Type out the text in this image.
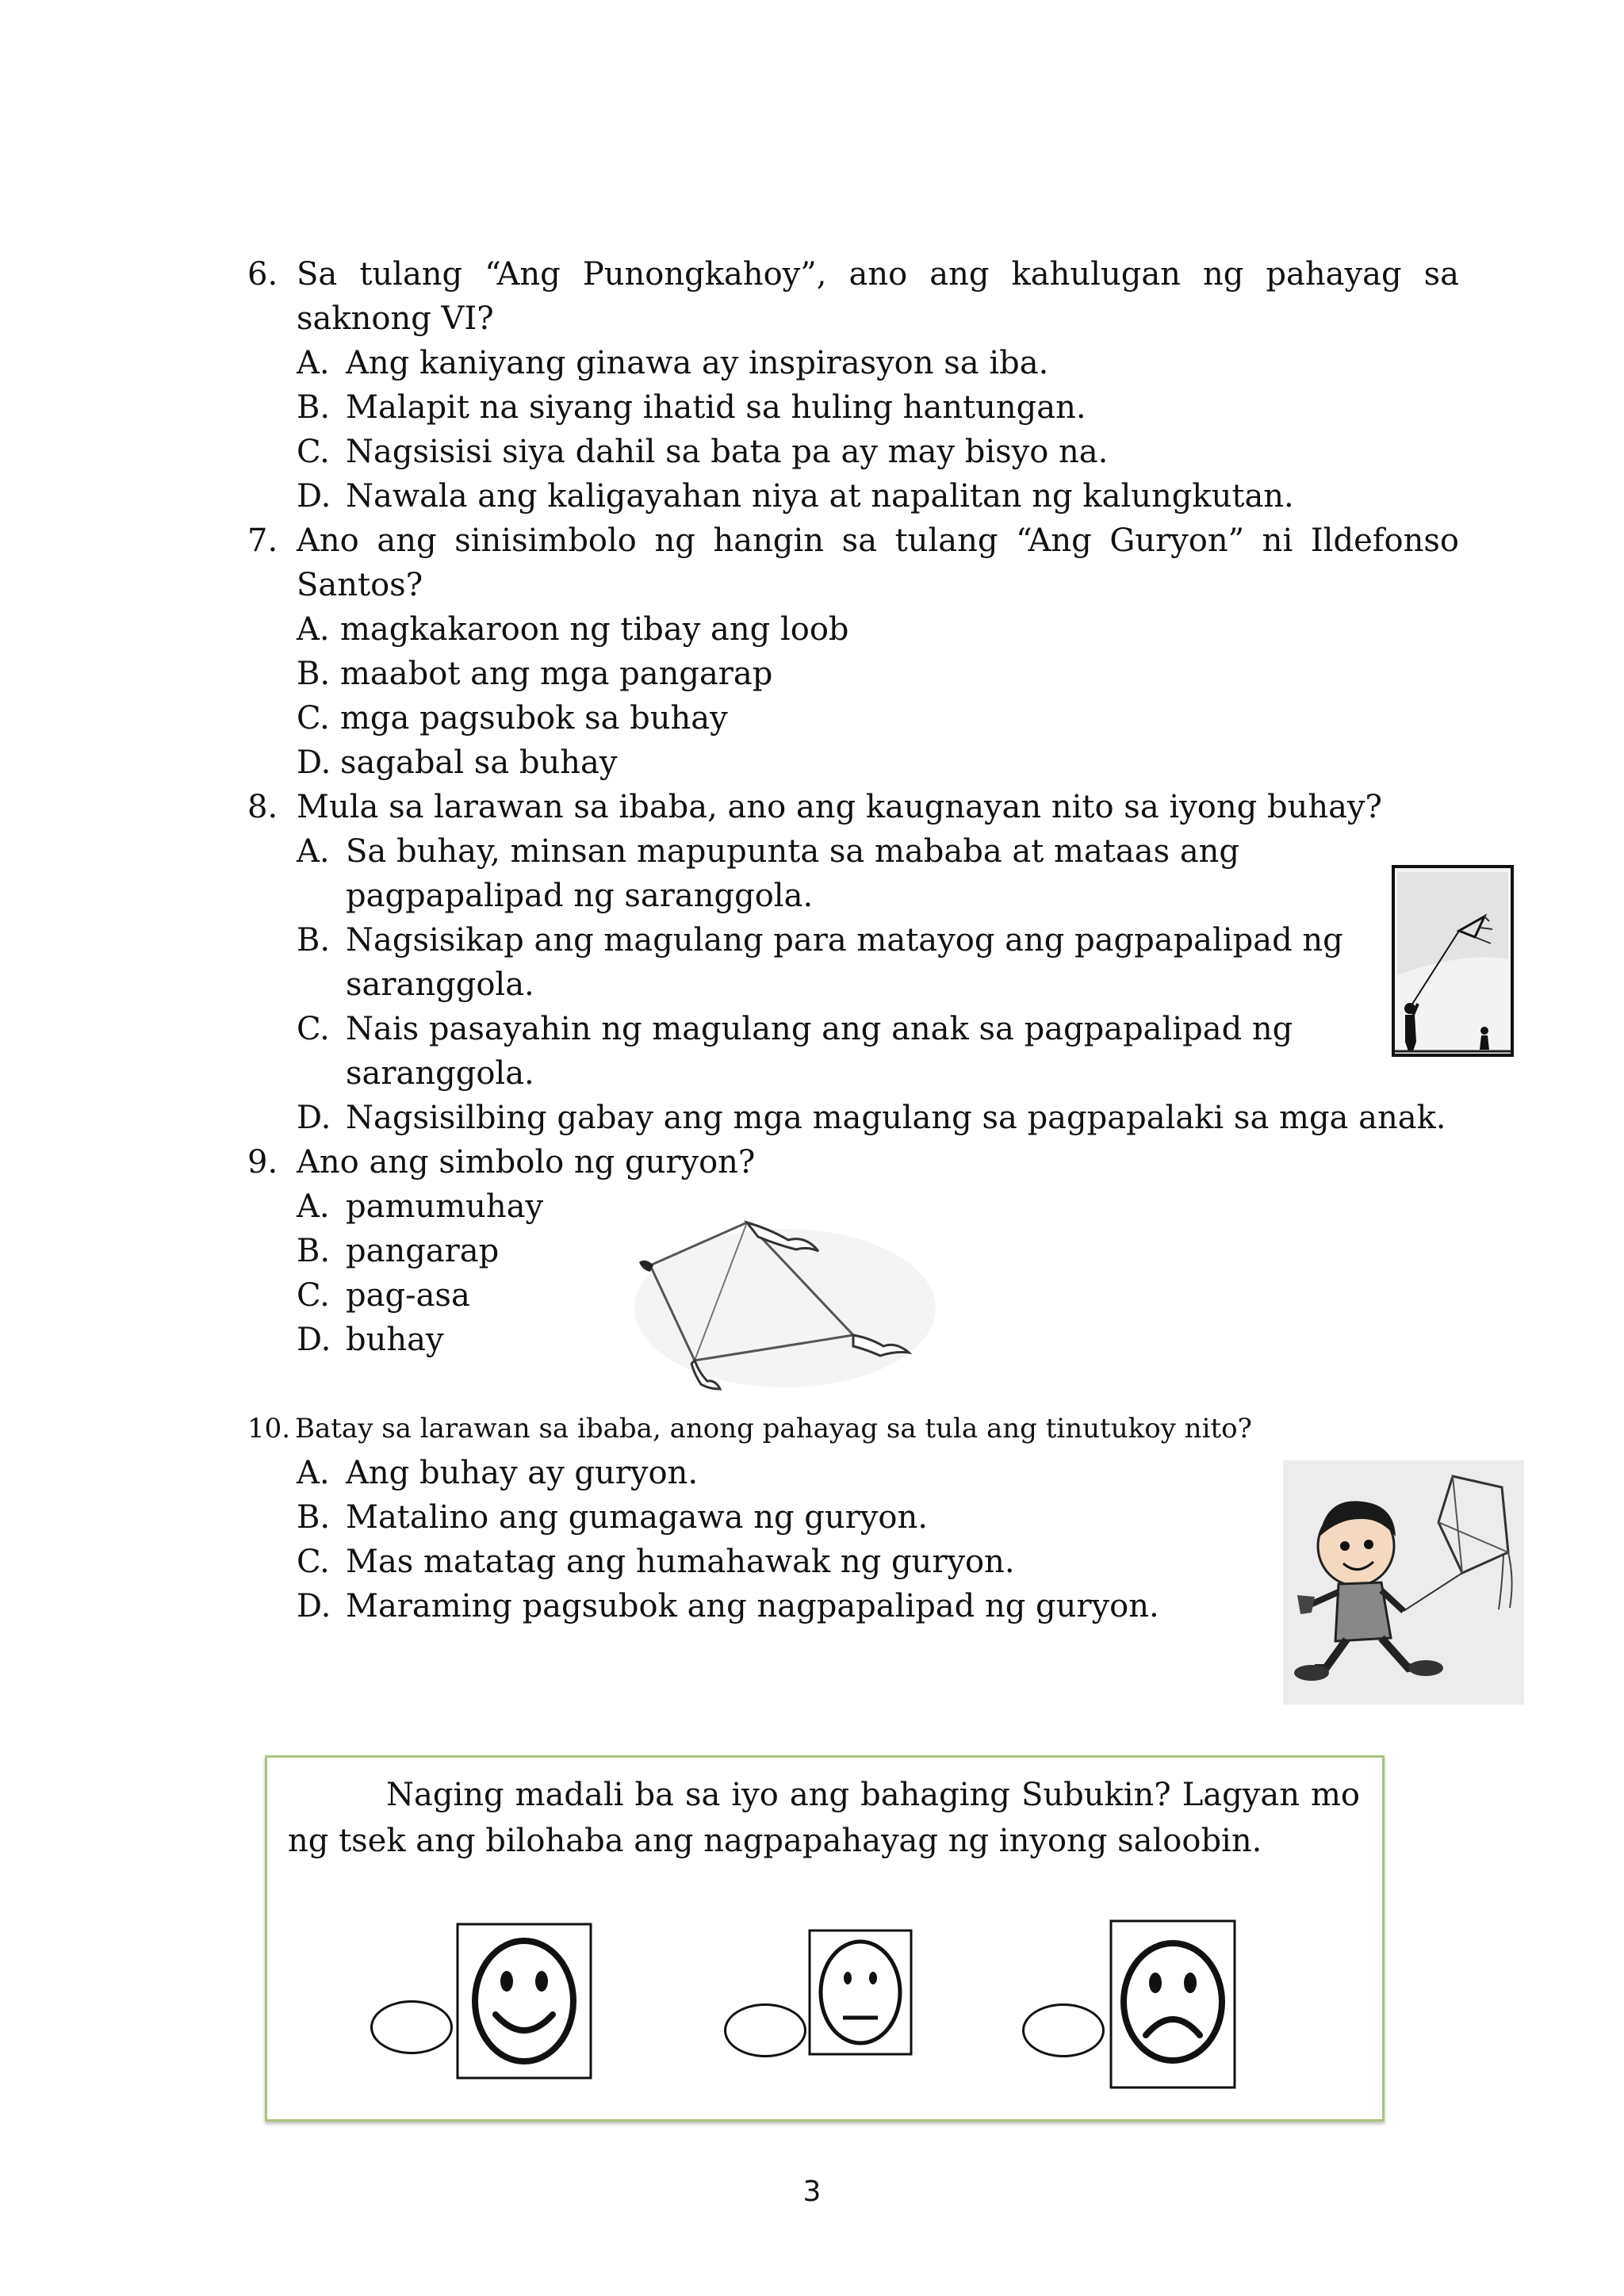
6. Sa tulang “Ang Punongkahoy”, ano ang kahulugan ng pahayag sa saknong VI?
A. Ang kaniyang ginawa ay inspirasyon sa iba.
B. Malapit na siyang ihatid sa huling hantungan.
C. Nagsisisi siya dahil sa bata pa ay may bisyo na.
D. Nawala ang kaligayahan niya at napalitan ng kalungkutan.
7. Ano ang sinisimbolo ng hangin sa tulang “Ang Guryon” ni Ildefonso Santos?
A. magkakaroon ng tibay ang loob
B. maabot ang mga pangarap
C. mga pagsubok sa buhay
D. sagabal sa buhay
8. Mula sa larawan sa ibaba, ano ang kaugnayan nito sa iyong buhay?
A. Sa buhay, minsan mapupunta sa mababa at mataas ang pagpapalipad ng saranggola.
B. Nagsisikap ang magulang para matayog ang pagpapalipad ng saranggola.
C. Nais pasayahin ng magulang ang anak sa pagpapalipad ng saranggola.
D. Nagsisilbing gabay ang mga magulang sa pagpapalaki sa mga anak.
9. Ano ang simbolo ng guryon?
A. pamumuhay
B. pangarap
C. pag-asa
D. buhay
10. Batay sa larawan sa ibaba, anong pahayag sa tula ang tinutukoy nito?
A. Ang buhay ay guryon.
B. Matalino ang gumagawa ng guryon.
C. Mas matatag ang humahawak ng guryon.
D. Maraming pagsubok ang nagpapalipad ng guryon.
Naging madali ba sa iyo ang bahaging Subukin? Lagyan mo ng tsek ang bilohaba ang nagpapahayag ng inyong saloobin.
3
